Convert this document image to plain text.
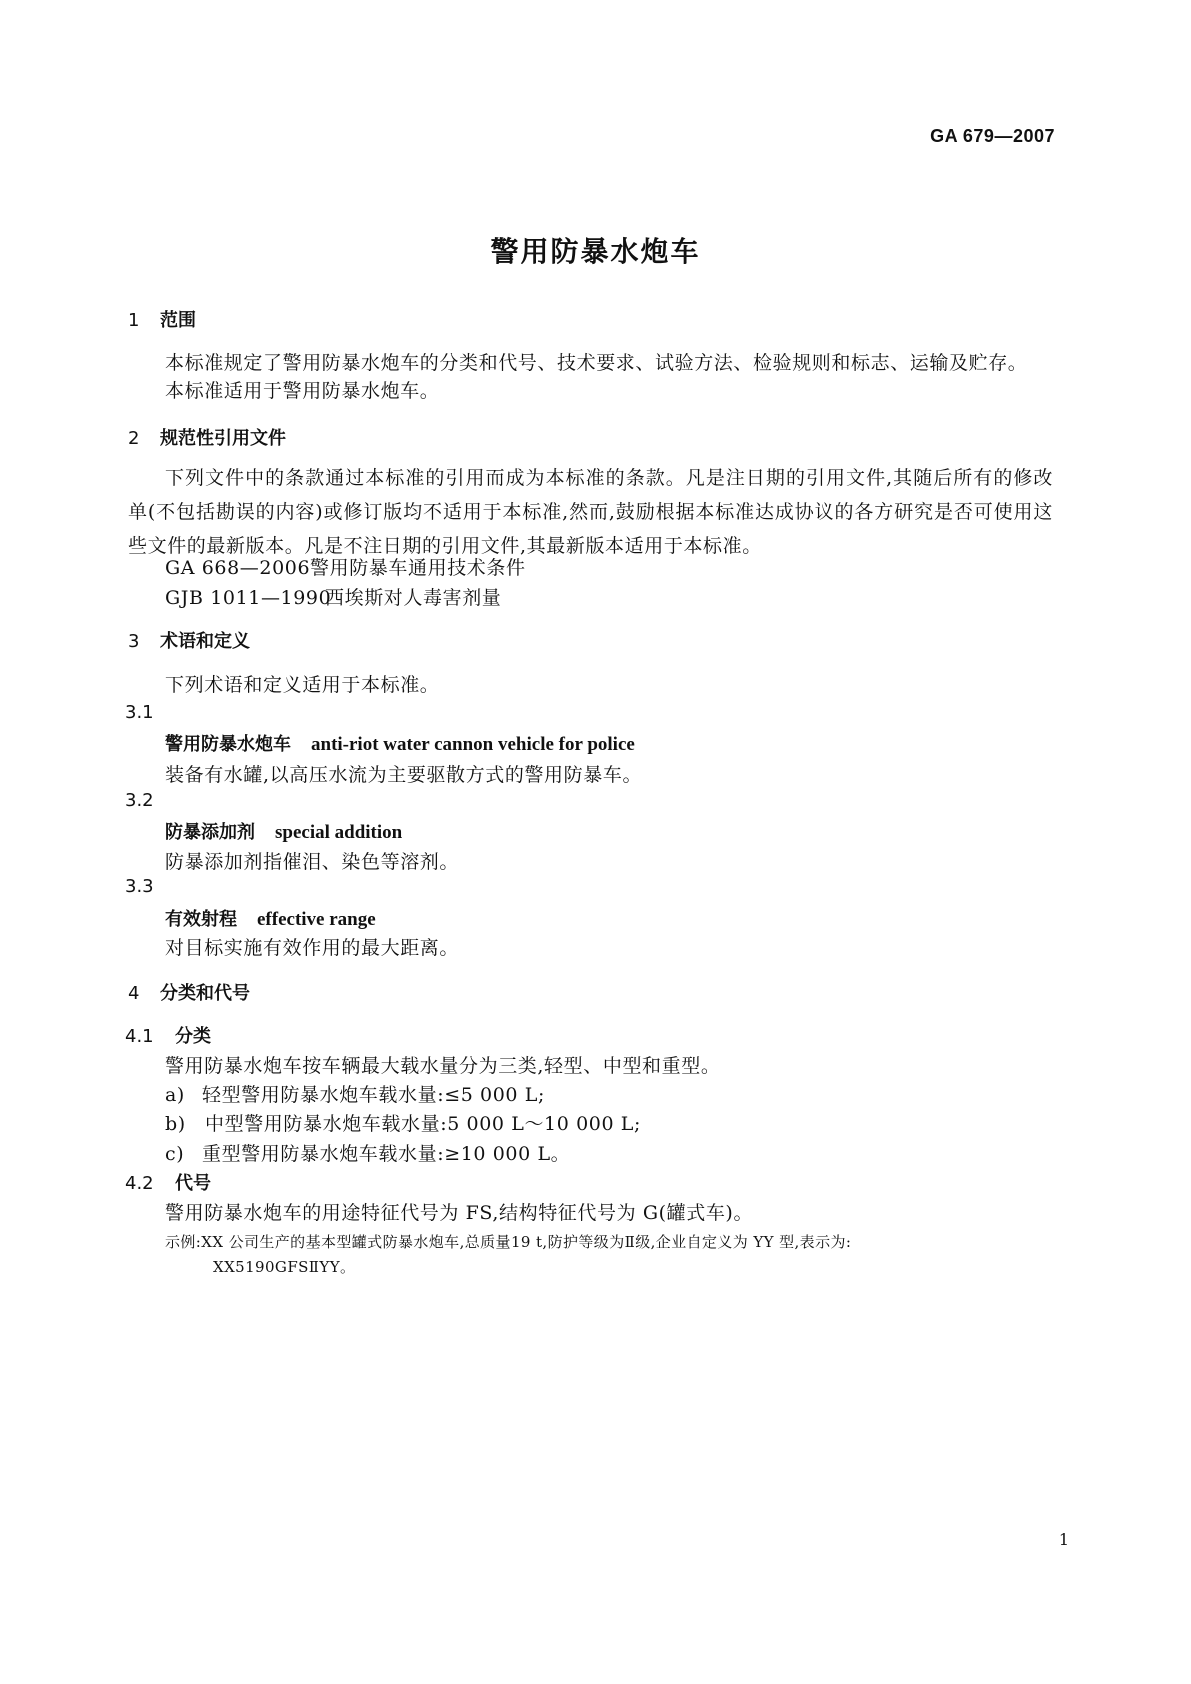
GA 679—2007
警用防暴水炮车
1 范围
本标准规定了警用防暴水炮车的分类和代号、技术要求、试验方法、检验规则和标志、运输及贮存。
本标准适用于警用防暴水炮车。
2 规范性引用文件
下列文件中的条款通过本标准的引用而成为本标准的条款。凡是注日期的引用文件,其随后所有的修改单(不包括勘误的内容)或修订版均不适用于本标准,然而,鼓励根据本标准达成协议的各方研究是否可使用这些文件的最新版本。凡是不注日期的引用文件,其最新版本适用于本标准。
GA 668—2006警用防暴车通用技术条件
GJB 1011—1990西埃斯对人毒害剂量
3 术语和定义
下列术语和定义适用于本标准。
3.1
警用防暴水炮车 anti-riot water cannon vehicle for police
装备有水罐,以高压水流为主要驱散方式的警用防暴车。
3.2
防暴添加剂 special addition
防暴添加剂指催泪、染色等溶剂。
3.3
有效射程 effective range
对目标实施有效作用的最大距离。
4 分类和代号
4.1 分类
警用防暴水炮车按车辆最大载水量分为三类,轻型、中型和重型。
a) 轻型警用防暴水炮车载水量:≤5 000 L;
b) 中型警用防暴水炮车载水量:5 000 L～10 000 L;
c) 重型警用防暴水炮车载水量:≥10 000 L。
4.2 代号
警用防暴水炮车的用途特征代号为 FS,结构特征代号为 G(罐式车)。
示例:XX 公司生产的基本型罐式防暴水炮车,总质量19 t,防护等级为Ⅱ级,企业自定义为 YY 型,表示为:
XX5190GFSⅡYY。
1
